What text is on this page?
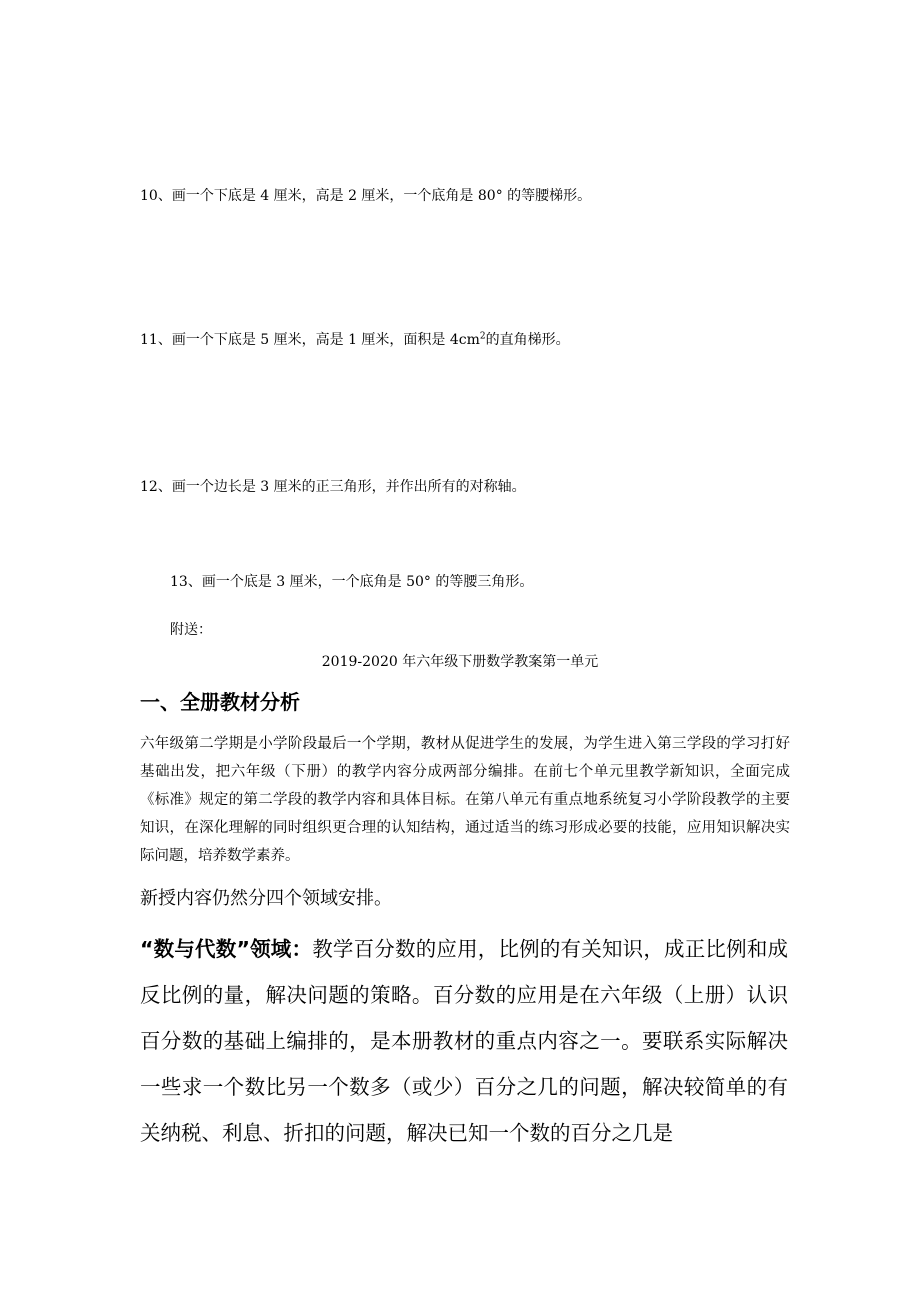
10、画一个下底是 4 厘米，高是 2 厘米，一个底角是 80° 的等腰梯形。
11、画一个下底是 5 厘米，高是 1 厘米，面积是 $4cm^2$的直角梯形。
12、画一个边长是 3 厘米的正三角形，并作出所有的对称轴。
13、画一个底是 3 厘米，一个底角是 50° 的等腰三角形。
附送：
2019-2020 年六年级下册数学教案第一单元
一、全册教材分析
六年级第二学期是小学阶段最后一个学期，教材从促进学生的发展，为学生进入第三学段的学习打好基础出发，把六年级（下册）的教学内容分成两部分编排。在前七个单元里教学新知识，全面完成《标准》规定的第二学段的教学内容和具体目标。在第八单元有重点地系统复习小学阶段教学的主要知识，在深化理解的同时组织更合理的认知结构，通过适当的练习形成必要的技能，应用知识解决实际问题，培养数学素养。
新授内容仍然分四个领域安排。
“数与代数”领域：教学百分数的应用，比例的有关知识，成正比例和成反比例的量，解决问题的策略。百分数的应用是在六年级（上册）认识百分数的基础上编排的，是本册教材的重点内容之一。要联系实际解决一些求一个数比另一个数多（或少）百分之几的问题，解决较简单的有关纳税、利息、折扣的问题，解决已知一个数的百分之几是
